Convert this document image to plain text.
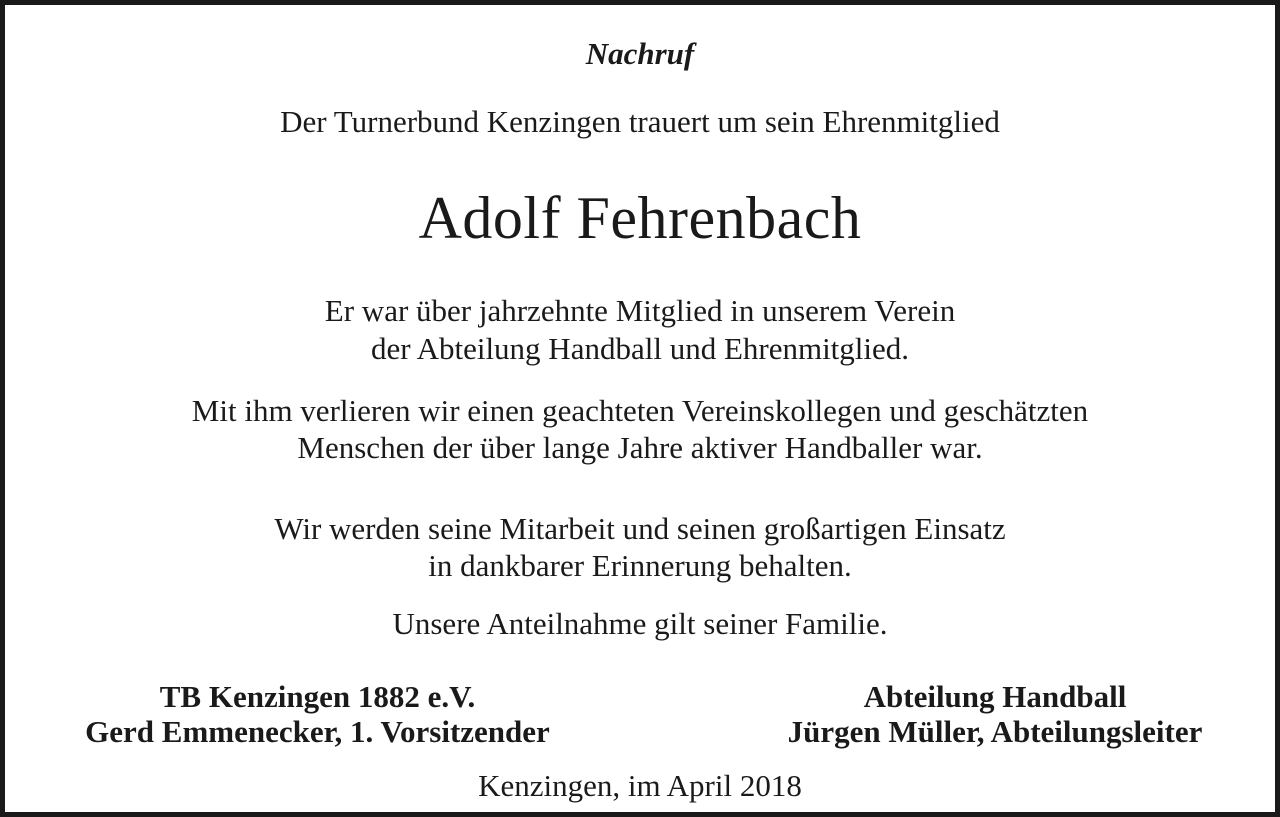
Nachruf
Der Turnerbund Kenzingen trauert um sein Ehrenmitglied
Adolf Fehrenbach
Er war über jahrzehnte Mitglied in unserem Verein
der Abteilung Handball und Ehrenmitglied.
Mit ihm verlieren wir einen geachteten Vereinskollegen und geschätzten
Menschen der über lange Jahre aktiver Handballer war.
Wir werden seine Mitarbeit und seinen großartigen Einsatz
in dankbarer Erinnerung behalten.
Unsere Anteilnahme gilt seiner Familie.
TB Kenzingen 1882 e.V.
Gerd Emmenecker, 1. Vorsitzender
Abteilung Handball
Jürgen Müller, Abteilungsleiter
Kenzingen, im April 2018
